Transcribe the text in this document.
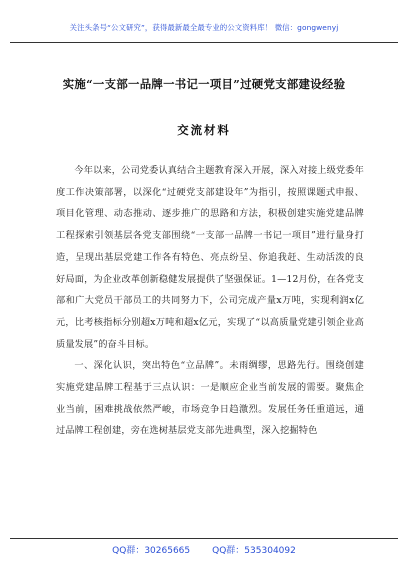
关注头条号“公文研究”，获得最新最全最专业的公文资料库！ 微信：gongwenyj
实施“一支部一品牌一书记一项目”过硬党支部建设经验
交流材料

今年以来，公司党委认真结合主题教育深入开展，深入对接上级党委年度工作决策部署，以深化“过硬党支部建设年”为指引，按照课题式申报、项目化管理、动态推动、逐步推广的思路和方法，积极创建实施党建品牌工程探索引领基层各党支部围绕“一支部一品牌一书记一项目”进行量身打造，呈现出基层党建工作各有特色、亮点纷呈、你追我赶、生动活泼的良好局面，为企业改革创新稳健发展提供了坚强保证。1—12月份，在各党支部和广大党员干部员工的共同努力下，公司完成产量x万吨，实现利润x亿元，比考核指标分别超x万吨和超x亿元，实现了“以高质量党建引领企业高质量发展”的奋斗目标。

一、深化认识，突出特色“立品牌”。未雨绸缪，思路先行。围绕创建实施党建品牌工程基于三点认识：一是顺应企业当前发展的需要。聚焦企业当前，困难挑战依然严峻，市场竞争日趋激烈。发展任务任重道远，通过品牌工程创建，旁在选树基层党支部先进典型，深入挖掘特色

QQ群：30265665 QQ群：535304092
